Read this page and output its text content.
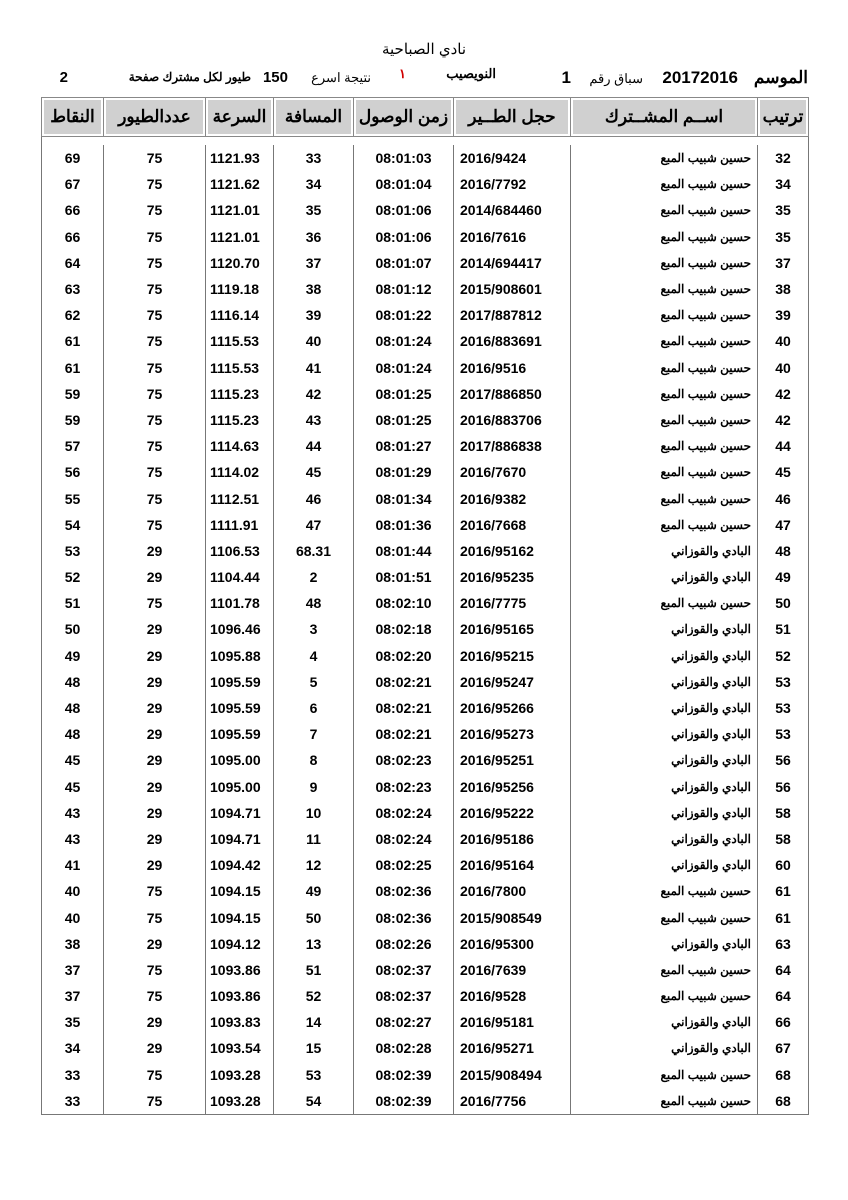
نادي الصباحية
الموسم
20172016
سباق رقم
1
النويصيب
١
نتيجة اسرع
150
طيور لكل مشترك صفحة
2
ترتيب	اســم المشــترك	حجل الطــير	زمن الوصول	المسافة	السرعة	عددالطيور	النقاط

32	حسين شبيب المبع	2016/9424	08:01:03	33	1121.93	75	69
34	حسين شبيب المبع	2016/7792	08:01:04	34	1121.62	75	67
35	حسين شبيب المبع	2014/684460	08:01:06	35	1121.01	75	66
35	حسين شبيب المبع	2016/7616	08:01:06	36	1121.01	75	66
37	حسين شبيب المبع	2014/694417	08:01:07	37	1120.70	75	64
38	حسين شبيب المبع	2015/908601	08:01:12	38	1119.18	75	63
39	حسين شبيب المبع	2017/887812	08:01:22	39	1116.14	75	62
40	حسين شبيب المبع	2016/883691	08:01:24	40	1115.53	75	61
40	حسين شبيب المبع	2016/9516	08:01:24	41	1115.53	75	61
42	حسين شبيب المبع	2017/886850	08:01:25	42	1115.23	75	59
42	حسين شبيب المبع	2016/883706	08:01:25	43	1115.23	75	59
44	حسين شبيب المبع	2017/886838	08:01:27	44	1114.63	75	57
45	حسين شبيب المبع	2016/7670	08:01:29	45	1114.02	75	56
46	حسين شبيب المبع	2016/9382	08:01:34	46	1112.51	75	55
47	حسين شبيب المبع	2016/7668	08:01:36	47	1111.91	75	54
48	البادي والقوزاني	2016/95162	08:01:44	68.31	1106.53	29	53
49	البادي والقوزاني	2016/95235	08:01:51	2	1104.44	29	52
50	حسين شبيب المبع	2016/7775	08:02:10	48	1101.78	75	51
51	البادي والقوزاني	2016/95165	08:02:18	3	1096.46	29	50
52	البادي والقوزاني	2016/95215	08:02:20	4	1095.88	29	49
53	البادي والقوزاني	2016/95247	08:02:21	5	1095.59	29	48
53	البادي والقوزاني	2016/95266	08:02:21	6	1095.59	29	48
53	البادي والقوزاني	2016/95273	08:02:21	7	1095.59	29	48
56	البادي والقوزاني	2016/95251	08:02:23	8	1095.00	29	45
56	البادي والقوزاني	2016/95256	08:02:23	9	1095.00	29	45
58	البادي والقوزاني	2016/95222	08:02:24	10	1094.71	29	43
58	البادي والقوزاني	2016/95186	08:02:24	11	1094.71	29	43
60	البادي والقوزاني	2016/95164	08:02:25	12	1094.42	29	41
61	حسين شبيب المبع	2016/7800	08:02:36	49	1094.15	75	40
61	حسين شبيب المبع	2015/908549	08:02:36	50	1094.15	75	40
63	البادي والقوزاني	2016/95300	08:02:26	13	1094.12	29	38
64	حسين شبيب المبع	2016/7639	08:02:37	51	1093.86	75	37
64	حسين شبيب المبع	2016/9528	08:02:37	52	1093.86	75	37
66	البادي والقوزاني	2016/95181	08:02:27	14	1093.83	29	35
67	البادي والقوزاني	2016/95271	08:02:28	15	1093.54	29	34
68	حسين شبيب المبع	2015/908494	08:02:39	53	1093.28	75	33
68	حسين شبيب المبع	2016/7756	08:02:39	54	1093.28	75	33
